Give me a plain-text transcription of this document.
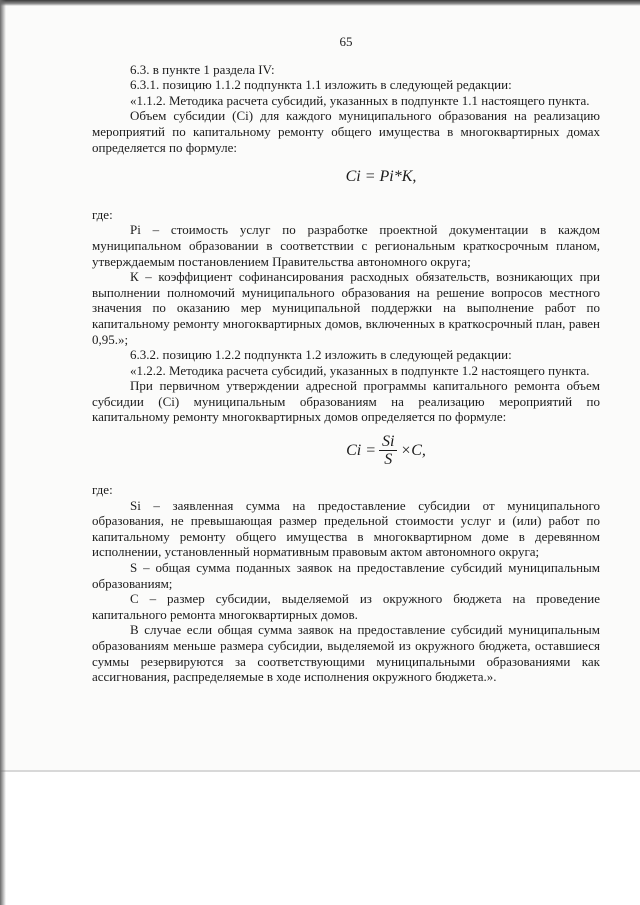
65

6.3. в пункте 1 раздела IV:

6.3.1. позицию 1.1.2 подпункта 1.1 изложить в следующей редакции:

«1.1.2. Методика расчета субсидий, указанных в подпункте 1.1 настоящего пункта.

Объем субсидии (Ci) для каждого муниципального образования на реализацию мероприятий по капитальному ремонту общего имущества в многоквартирных домах определяется по формуле:

Ci = Pi*K,

где:

Pi – стоимость услуг по разработке проектной документации в каждом муниципальном образовании в соответствии с региональным краткосрочным планом, утверждаемым постановлением Правительства автономного округа;

К – коэффициент софинансирования расходных обязательств, возникающих при выполнении полномочий муниципального образования на решение вопросов местного значения по оказанию мер муниципальной поддержки на выполнение работ по капитальному ремонту многоквартирных домов, включенных в краткосрочный план, равен 0,95.»;

6.3.2. позицию 1.2.2 подпункта 1.2 изложить в следующей редакции:

«1.2.2. Методика расчета субсидий, указанных в подпункте 1.2 настоящего пункта.

При первичном утверждении адресной программы капитального ремонта объем субсидии (Ci) муниципальным образованиям на реализацию мероприятий по капитальному ремонту многоквартирных домов определяется по формуле:

$Ci = \frac{Si}{S} \times C$,

где:

Si – заявленная сумма на предоставление субсидии от муниципального образования, не превышающая размер предельной стоимости услуг и (или) работ по капитальному ремонту общего имущества в многоквартирном доме в деревянном исполнении, установленный нормативным правовым актом автономного округа;

S – общая сумма поданных заявок на предоставление субсидий муниципальным образованиям;

С – размер субсидии, выделяемой из окружного бюджета на проведение капитального ремонта многоквартирных домов.

В случае если общая сумма заявок на предоставление субсидий муниципальным образованиям меньше размера субсидии, выделяемой из окружного бюджета, оставшиеся суммы резервируются за соответствующими муниципальными образованиями как ассигнования, распределяемые в ходе исполнения окружного бюджета.».
